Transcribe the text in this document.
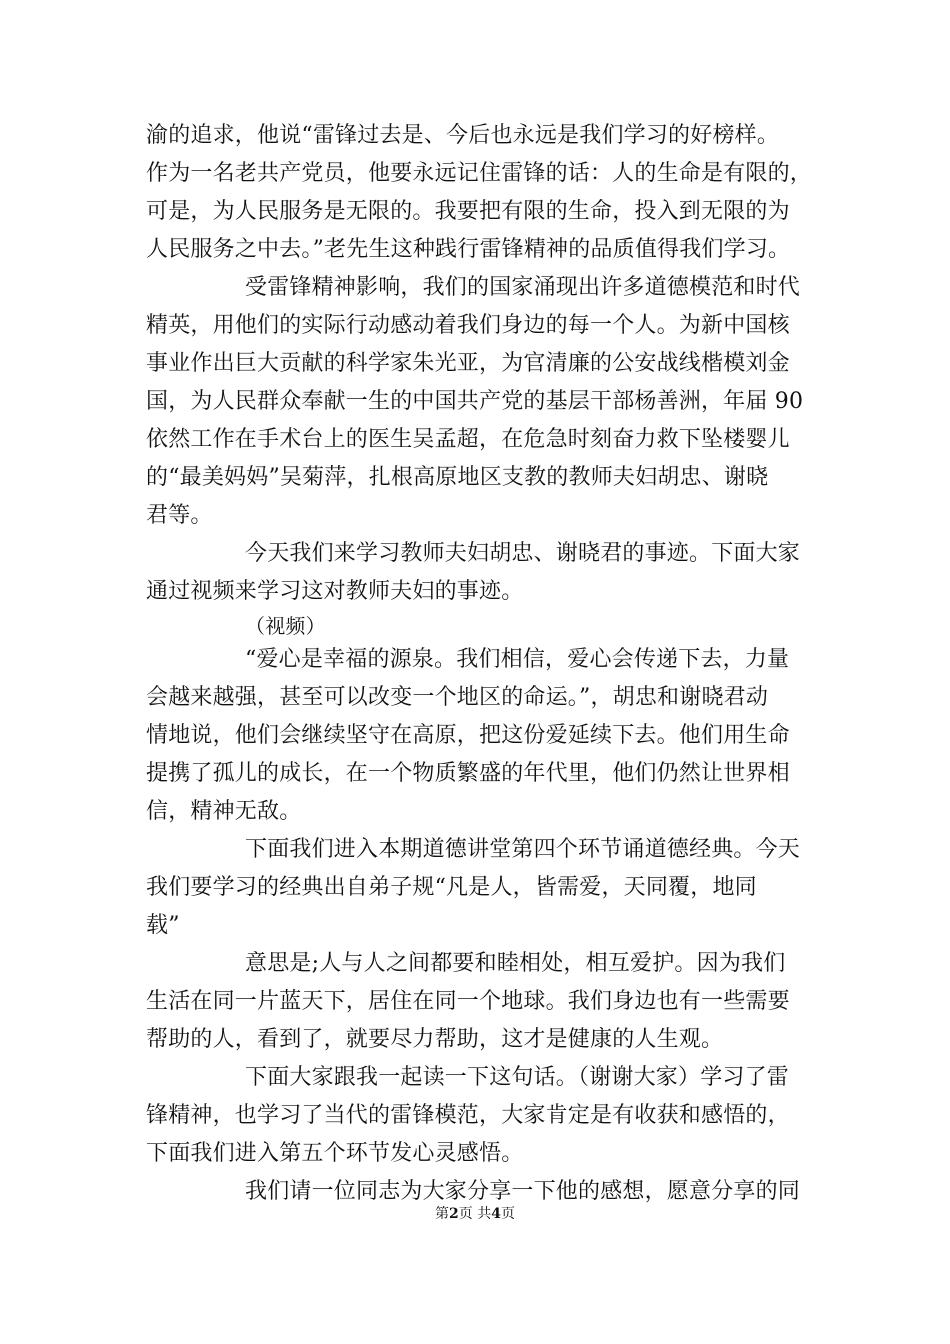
渝的追求，他说“雷锋过去是、今后也永远是我们学习的好榜样。
作为一名老共产党员，他要永远记住雷锋的话：人的生命是有限的，
可是，为人民服务是无限的。我要把有限的生命，投入到无限的为
人民服务之中去。”老先生这种践行雷锋精神的品质值得我们学习。
受雷锋精神影响，我们的国家涌现出许多道德模范和时代
精英，用他们的实际行动感动着我们身边的每一个人。为新中国核
事业作出巨大贡献的科学家朱光亚，为官清廉的公安战线楷模刘金
国，为人民群众奉献一生的中国共产党的基层干部杨善洲，年届 90
依然工作在手术台上的医生吴孟超，在危急时刻奋力救下坠楼婴儿
的“最美妈妈”吴菊萍，扎根高原地区支教的教师夫妇胡忠、谢晓
君等。
今天我们来学习教师夫妇胡忠、谢晓君的事迹。下面大家
通过视频来学习这对教师夫妇的事迹。
（视频）
“爱心是幸福的源泉。我们相信，爱心会传递下去，力量
会越来越强，甚至可以改变一个地区的命运。”，胡忠和谢晓君动
情地说，他们会继续坚守在高原，把这份爱延续下去。他们用生命
提携了孤儿的成长，在一个物质繁盛的年代里，他们仍然让世界相
信，精神无敌。
下面我们进入本期道德讲堂第四个环节诵道德经典。今天
我们要学习的经典出自弟子规“凡是人，皆需爱，天同覆，地同
载”
意思是;人与人之间都要和睦相处，相互爱护。因为我们
生活在同一片蓝天下，居住在同一个地球。我们身边也有一些需要
帮助的人，看到了，就要尽力帮助，这才是健康的人生观。
下面大家跟我一起读一下这句话。（谢谢大家）学习了雷
锋精神，也学习了当代的雷锋模范，大家肯定是有收获和感悟的，
下面我们进入第五个环节发心灵感悟。
我们请一位同志为大家分享一下他的感想，愿意分享的同
第2页 共4页
